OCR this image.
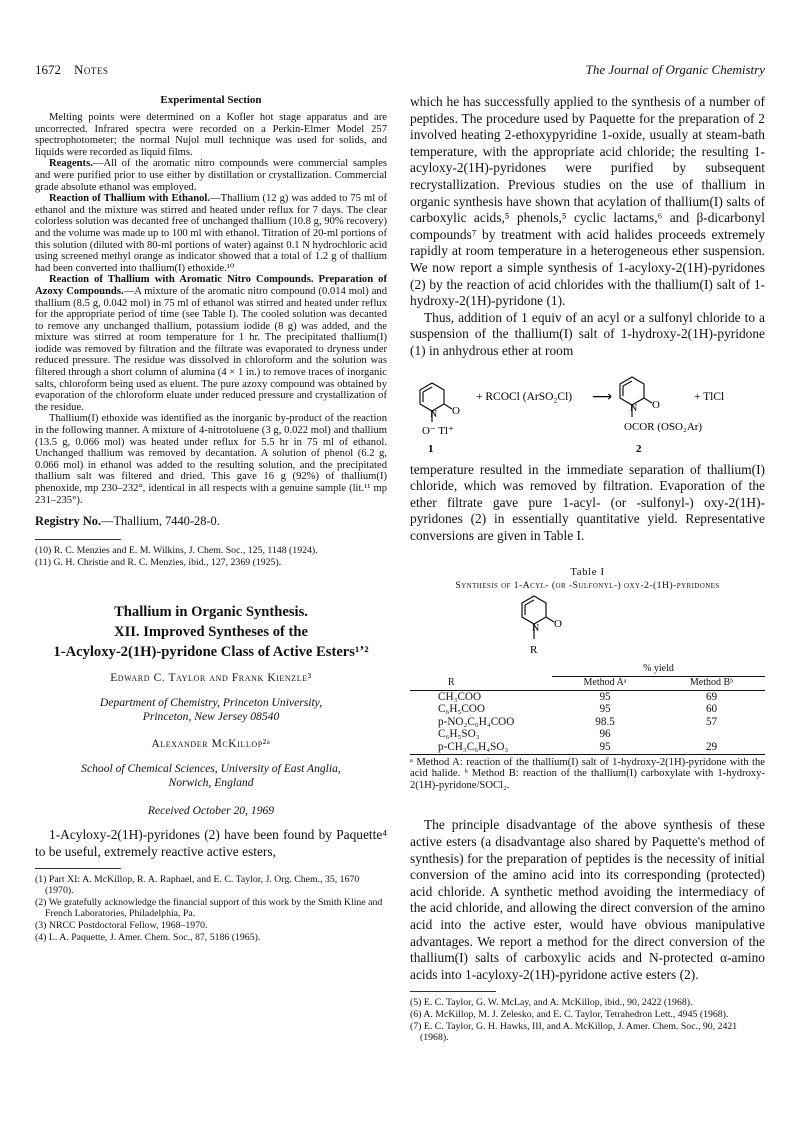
1672 Notes	The Journal of Organic Chemistry

Experimental Section

Melting points were determined on a Kofler hot stage apparatus and are uncorrected. Infrared spectra were recorded on a Perkin-Elmer Model 257 spectrophotometer; the normal Nujol mull technique was used for solids, and liquids were recorded as liquid films.

Reagents.—All of the aromatic nitro compounds were commercial samples and were purified prior to use either by distillation or crystallization. Commercial grade absolute ethanol was employed.

Reaction of Thallium with Ethanol.—Thallium (12 g) was added to 75 ml of ethanol and the mixture was stirred and heated under reflux for 7 days. The clear colorless solution was decanted free of unchanged thallium (10.8 g, 90% recovery) and the volume was made up to 100 ml with ethanol. Titration of 20-ml portions of this solution (diluted with 80-ml portions of water) against 0.1 N hydrochloric acid using screened methyl orange as indicator showed that a total of 1.2 g of thallium had been converted into thallium(I) ethoxide.¹⁰

Reaction of Thallium with Aromatic Nitro Compounds. Preparation of Azoxy Compounds.—A mixture of the aromatic nitro compound (0.014 mol) and thallium (8.5 g, 0.042 mol) in 75 ml of ethanol was stirred and heated under reflux for the appropriate period of time (see Table I). The cooled solution was decanted to remove any unchanged thallium, potassium iodide (8 g) was added, and the mixture was stirred at room temperature for 1 hr. The precipitated thallium(I) iodide was removed by filtration and the filtrate was evaporated to dryness under reduced pressure. The residue was dissolved in chloroform and the solution was filtered through a short column of alumina (4 × 1 in.) to remove traces of inorganic salts, chloroform being used as eluent. The pure azoxy compound was obtained by evaporation of the chloroform eluate under reduced pressure and crystallization of the residue.

Thallium(I) ethoxide was identified as the inorganic by-product of the reaction in the following manner. A mixture of 4-nitrotoluene (3 g, 0.022 mol) and thallium (13.5 g, 0.066 mol) was heated under reflux for 5.5 hr in 75 ml of ethanol. Unchanged thallium was removed by decantation. A solution of phenol (6.2 g, 0.066 mol) in ethanol was added to the resulting solution, and the precipitated thallium salt was filtered and dried. This gave 16 g (92%) of thallium(I) phenoxide, mp 230–232°, identical in all respects with a genuine sample (lit.¹¹ mp 231–235°).

Registry No.—Thallium, 7440-28-0.

(10) R. C. Menzies and E. M. Wilkins, J. Chem. Soc., 125, 1148 (1924).

(11) G. H. Christie and R. C. Menzies, ibid., 127, 2369 (1925).

Thallium in Organic Synthesis.
XII. Improved Syntheses of the
1-Acyloxy-2(1H)-pyridone Class of Active Esters¹ʼ²
Edward C. Taylor and Frank Kienzle³
Department of Chemistry, Princeton University,
Princeton, New Jersey 08540
Alexander McKillop²ᵃ
School of Chemical Sciences, University of East Anglia,
Norwich, England
Received October 20, 1969

1-Acyloxy-2(1H)-pyridones (2) have been found by Paquette⁴ to be useful, extremely reactive active esters,

(1) Part XI: A. McKillop, R. A. Raphael, and E. C. Taylor, J. Org. Chem., 35, 1670 (1970).

(2) We gratefully acknowledge the financial support of this work by the Smith Kline and French Laboratories, Philadelphia, Pa.

(3) NRCC Postdoctoral Fellow, 1968–1970.

(4) L. A. Paquette, J. Amer. Chem. Soc., 87, 5186 (1965).

which he has successfully applied to the synthesis of a number of peptides. The procedure used by Paquette for the preparation of 2 involved heating 2-ethoxypyridine 1-oxide, usually at steam-bath temperature, with the appropriate acid chloride; the resulting 1-acyloxy-2(1H)-pyridones were purified by subsequent recrystallization. Previous studies on the use of thallium in organic synthesis have shown that acylation of thallium(I) salts of carboxylic acids,⁵ phenols,⁵ cyclic lactams,⁶ and β-dicarbonyl compounds⁷ by treatment with acid halides proceeds extremely rapidly at room temperature in a heterogeneous ether suspension. We now report a simple synthesis of 1-acyloxy-2(1H)-pyridones (2) by the reaction of acid chlorides with the thallium(I) salt of 1-hydroxy-2(1H)-pyridone (1).

Thus, addition of 1 equiv of an acyl or a sulfonyl chloride to a suspension of the thallium(I) salt of 1-hydroxy-2(1H)-pyridone (1) in anhydrous ether at room

N O
O⁻ Tl⁺
1
+ RCOCl (ArSO₂Cl) ⟶
N O
OCOR (OSO₂Ar)
2
+ TlCl

temperature resulted in the immediate separation of thallium(I) chloride, which was removed by filtration. Evaporation of the ether filtrate gave pure 1-acyl- (or -sulfonyl-) oxy-2(1H)-pyridones (2) in essentially quantitative yield. Representative conversions are given in Table I.

Table I
Synthesis of 1-Acyl- (or -Sulfonyl-) oxy-2-(1H)-pyridones
N O
R
	% yield	
R	Method Aᵃ	Method Bᵇ
CH₃COO	95	69
C₆H₅COO	95	60
p-NO₂C₆H₄COO	98.5	57
C₆H₅SO₃	96	
p-CH₃C₆H₄SO₃	95	29

ᵃ Method A: reaction of the thallium(I) salt of 1-hydroxy-2(1H)-pyridone with the acid halide. ᵇ Method B: reaction of the thallium(I) carboxylate with 1-hydroxy-2(1H)-pyridone/SOCl₂.

The principle disadvantage of the above synthesis of these active esters (a disadvantage also shared by Paquette's method of synthesis) for the preparation of peptides is the necessity of initial conversion of the amino acid into its corresponding (protected) acid chloride. A synthetic method avoiding the intermediacy of the acid chloride, and allowing the direct conversion of the amino acid into the active ester, would have obvious manipulative advantages. We report a method for the direct conversion of the thallium(I) salts of carboxylic acids and N-protected α-amino acids into 1-acyloxy-2(1H)-pyridone active esters (2).

(5) E. C. Taylor, G. W. McLay, and A. McKillop, ibid., 90, 2422 (1968).

(6) A. McKillop, M. J. Zelesko, and E. C. Taylor, Tetrahedron Lett., 4945 (1968).

(7) E. C. Taylor, G. H. Hawks, III, and A. McKillop, J. Amer. Chem. Soc., 90, 2421 (1968).
